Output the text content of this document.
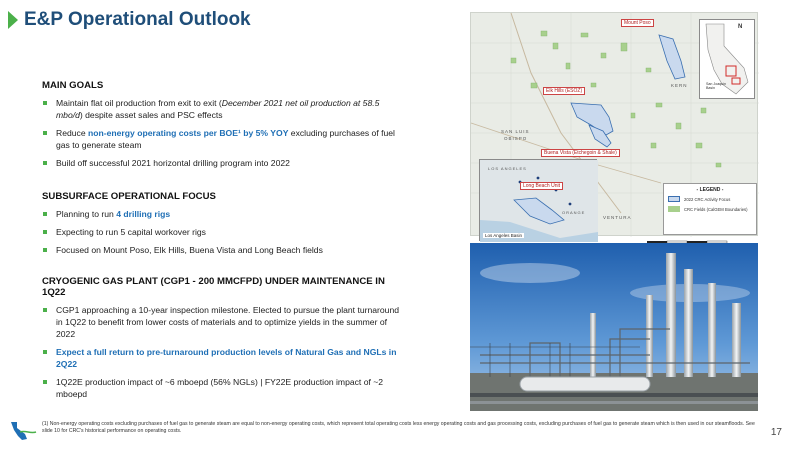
E&P Operational Outlook
MAIN GOALS
Maintain flat oil production from exit to exit (December 2021 net oil production at 58.5 mbo/d) despite asset sales and PSC effects
Reduce non-energy operating costs per BOE¹ by 5% YOY excluding purchases of fuel gas to generate steam
Build off successful 2021 horizontal drilling program into 2022
SUBSURFACE OPERATIONAL FOCUS
Planning to run 4 drilling rigs
Expecting to run 5 capital workover rigs
Focused on Mount Poso, Elk Hills, Buena Vista and Long Beach fields
CRYOGENIC GAS PLANT (CGP1 - 200 MMCFPD) UNDER MAINTENANCE IN 1Q22
CGP1 approaching a 10-year inspection milestone. Elected to pursue the plant turnaround in 1Q22 to benefit from lower costs of materials and to optimize yields in the summer of 2022
Expect a full return to pre-turnaround production levels of Natural Gas and NGLs in 2Q22
1Q22E production impact of ~6 mboepd (56% NGLs) | FY22E production impact of ~2 mboepd
Mount Poso
Elk Hills (ESOZ)
Buena Vista (Etchegoin & Shale)
SAN LUIS
OBISPO
VENTURA
KERN
Long Beach Unit
LOS ANGELES
ORANGE
Los Angeles Basin
N
San Joaquin Basin
- LEGEND -
2022 CRC Activity Focus
CRC Fields (CalGEM Boundaries)
(1) Non-energy operating costs excluding purchases of fuel gas to generate steam are equal to non-energy operating costs, which represent total operating costs less energy operating costs and gas processing costs, excluding purchases of fuel gas to generate steam which is then used in our steamfloods. See slide 10 for CRC's historical performance on operating costs.	17
